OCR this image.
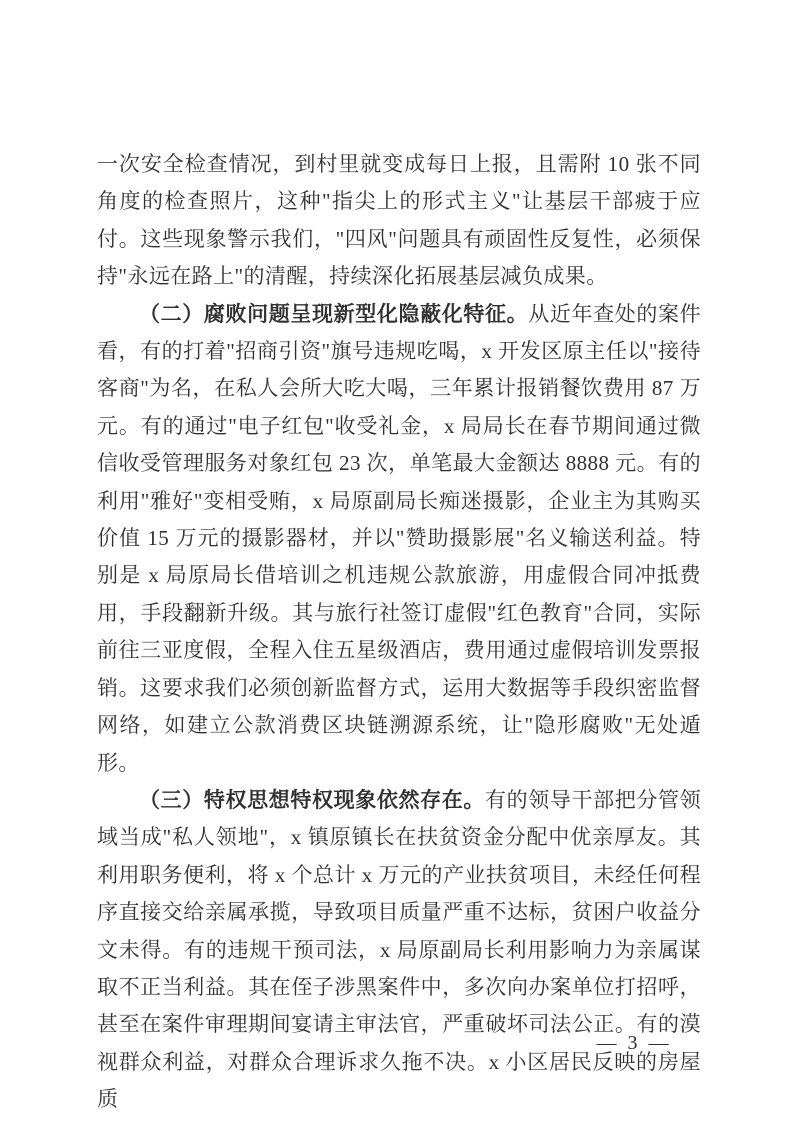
一次安全检查情况，到村里就变成每日上报，且需附 10 张不同角度的检查照片，这种"指尖上的形式主义"让基层干部疲于应付。这些现象警示我们，"四风"问题具有顽固性反复性，必须保持"永远在路上"的清醒，持续深化拓展基层减负成果。

（二）腐败问题呈现新型化隐蔽化特征。从近年查处的案件看，有的打着"招商引资"旗号违规吃喝，x 开发区原主任以"接待客商"为名，在私人会所大吃大喝，三年累计报销餐饮费用 87 万元。有的通过"电子红包"收受礼金，x 局局长在春节期间通过微信收受管理服务对象红包 23 次，单笔最大金额达 8888 元。有的利用"雅好"变相受贿，x 局原副局长痴迷摄影，企业主为其购买价值 15 万元的摄影器材，并以"赞助摄影展"名义输送利益。特别是 x 局原局长借培训之机违规公款旅游，用虚假合同冲抵费用，手段翻新升级。其与旅行社签订虚假"红色教育"合同，实际前往三亚度假，全程入住五星级酒店，费用通过虚假培训发票报销。这要求我们必须创新监督方式，运用大数据等手段织密监督网络，如建立公款消费区块链溯源系统，让"隐形腐败"无处遁形。

（三）特权思想特权现象依然存在。有的领导干部把分管领域当成"私人领地"，x 镇原镇长在扶贫资金分配中优亲厚友。其利用职务便利，将 x 个总计 x 万元的产业扶贫项目，未经任何程序直接交给亲属承揽，导致项目质量严重不达标，贫困户收益分文未得。有的违规干预司法，x 局原副局长利用影响力为亲属谋取不正当利益。其在侄子涉黑案件中，多次向办案单位打招呼，甚至在案件审理期间宴请主审法官，严重破坏司法公正。有的漠视群众利益，对群众合理诉求久拖不决。x 小区居民反映的房屋质

— 3 —
